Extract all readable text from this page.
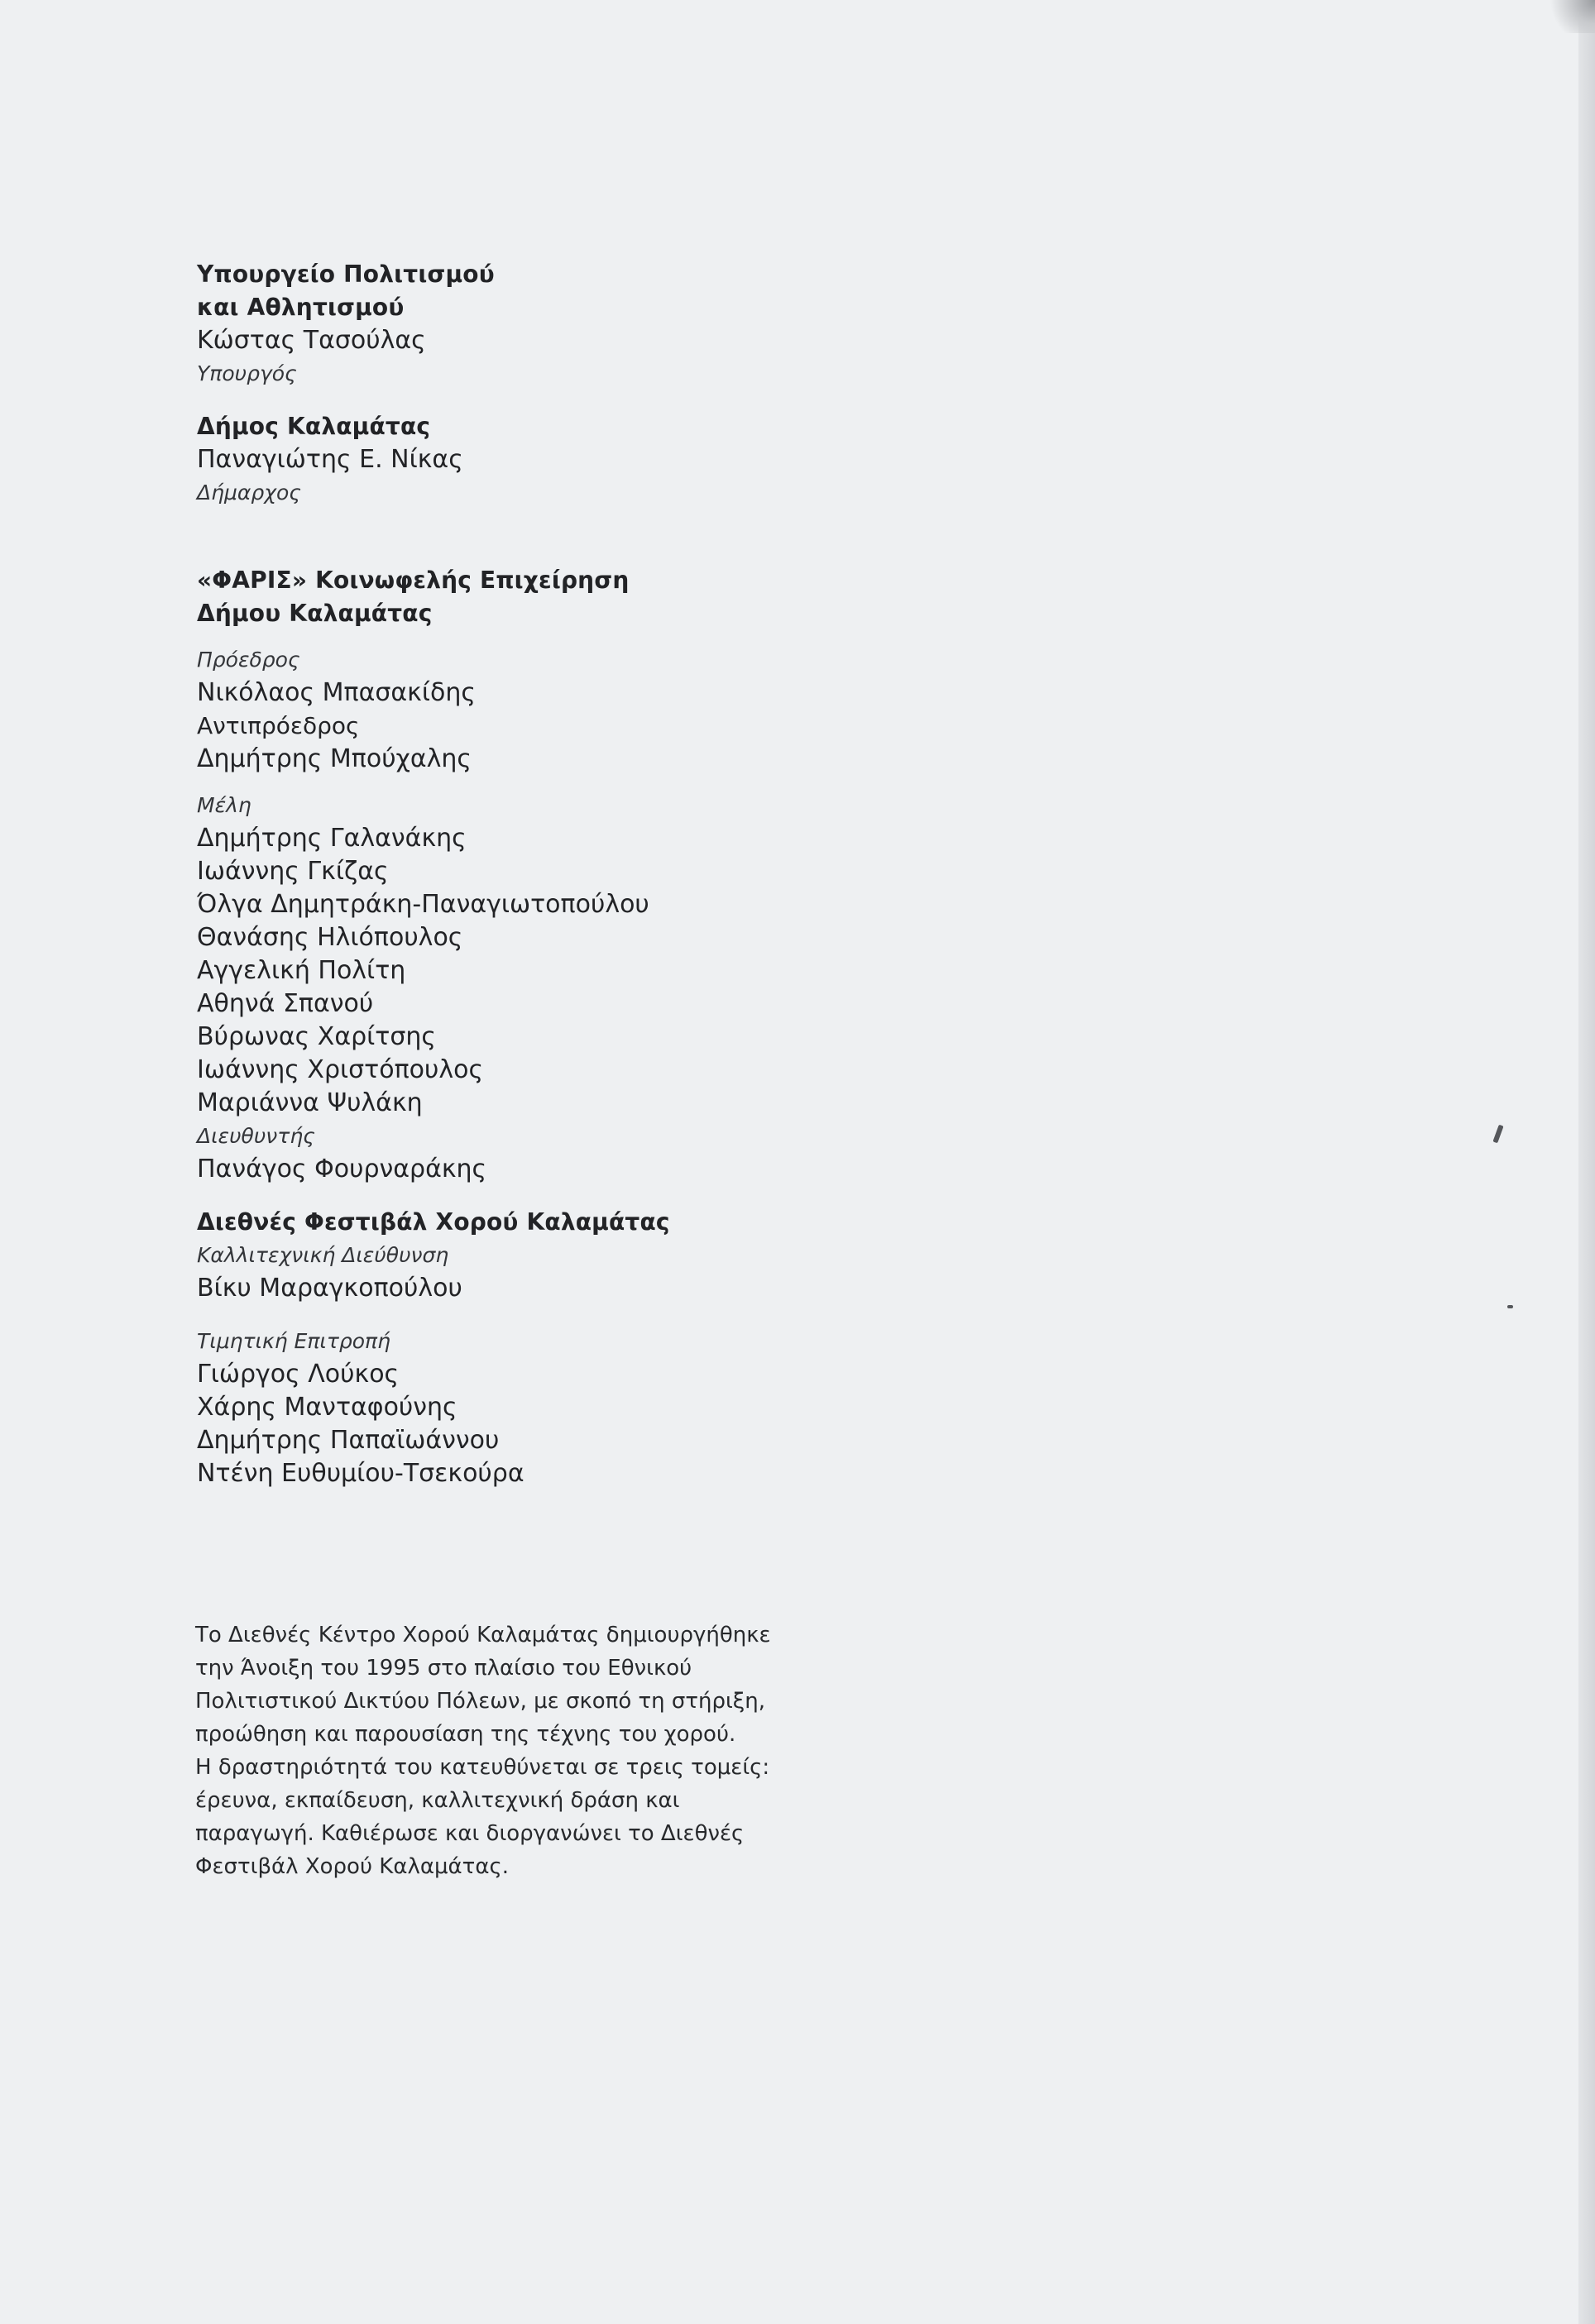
Υπουργείο Πολιτισμού
και Αθλητισμού
Κώστας Τασούλας
Υπουργός
Δήμος Καλαμάτας
Παναγιώτης Ε. Νίκας
Δήμαρχος
«ΦΑΡΙΣ» Κοινωφελής Επιχείρηση
Δήμου Καλαμάτας
Πρόεδρος
Νικόλαος Μπασακίδης
Αντιπρόεδρος
Δημήτρης Μπούχαλης
Μέλη
Δημήτρης Γαλανάκης
Ιωάννης Γκίζας
Όλγα Δημητράκη-Παναγιωτοπούλου
Θανάσης Ηλιόπουλος
Αγγελική Πολίτη
Αθηνά Σπανού
Βύρωνας Χαρίτσης
Ιωάννης Χριστόπουλος
Μαριάννα Ψυλάκη
Διευθυντής
Πανάγος Φουρναράκης
Διεθνές Φεστιβάλ Χορού Καλαμάτας
Καλλιτεχνική Διεύθυνση
Βίκυ Μαραγκοπούλου
Τιμητική Επιτροπή
Γιώργος Λούκος
Χάρης Μανταφούνης
Δημήτρης Παπαϊωάννου
Ντένη Ευθυμίου-Τσεκούρα
Το Διεθνές Κέντρο Χορού Καλαμάτας δημιουργήθηκε
την Άνοιξη του 1995 στο πλαίσιο του Εθνικού
Πολιτιστικού Δικτύου Πόλεων, με σκοπό τη στήριξη,
προώθηση και παρουσίαση της τέχνης του χορού.
Η δραστηριότητά του κατευθύνεται σε τρεις τομείς:
έρευνα, εκπαίδευση, καλλιτεχνική δράση και
παραγωγή. Καθιέρωσε και διοργανώνει το Διεθνές
Φεστιβάλ Χορού Καλαμάτας.
